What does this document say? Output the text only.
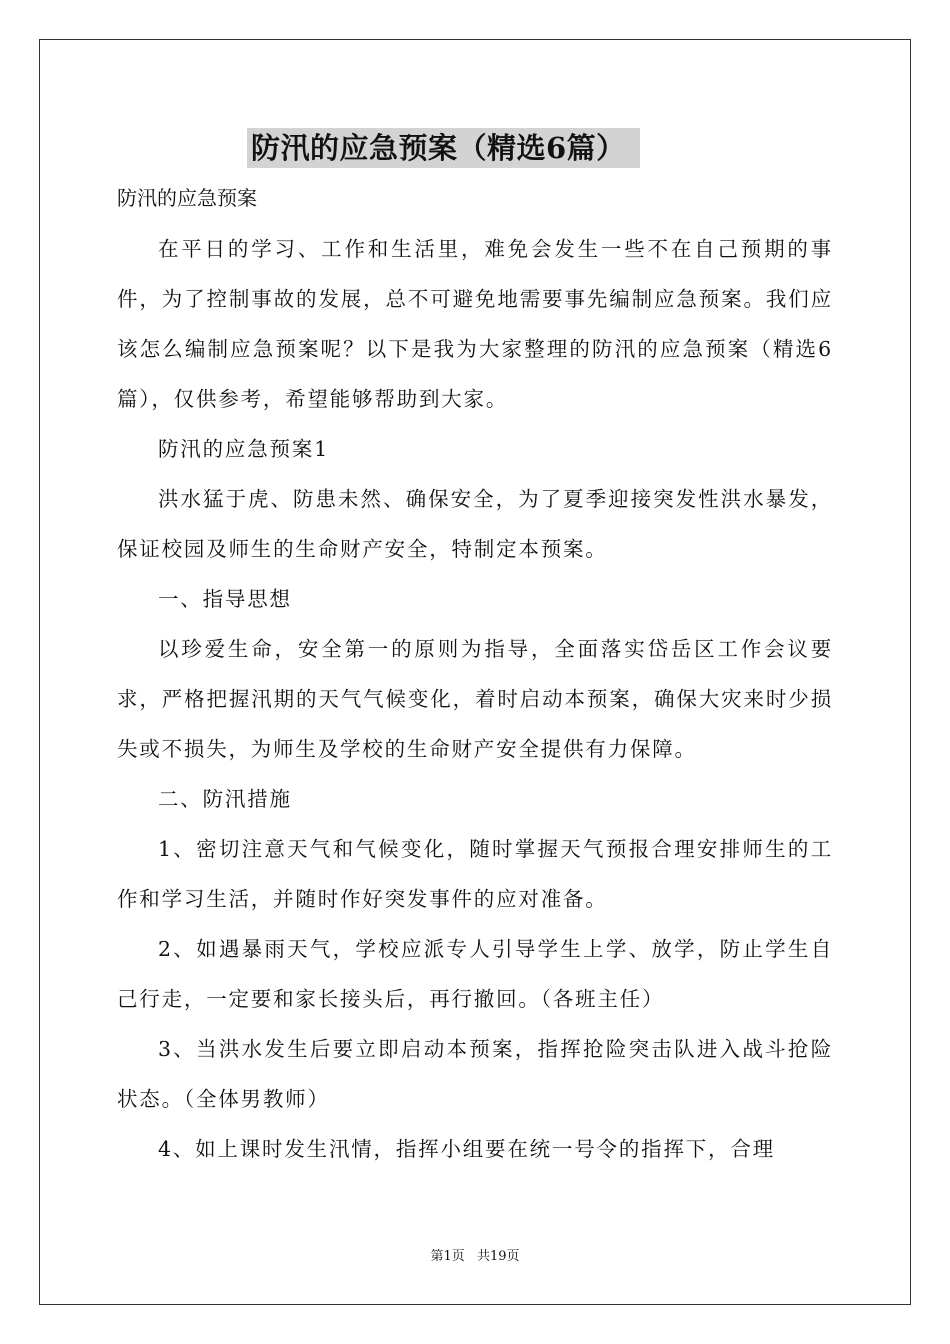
防汛的应急预案（精选6篇）
防汛的应急预案

在平日的学习、工作和生活里，难免会发生一些不在自己预期的事件，为了控制事故的发展，总不可避免地需要事先编制应急预案。我们应该怎么编制应急预案呢？以下是我为大家整理的防汛的应急预案（精选6篇），仅供参考，希望能够帮助到大家。

防汛的应急预案1

洪水猛于虎、防患未然、确保安全，为了夏季迎接突发性洪水暴发，保证校园及师生的生命财产安全，特制定本预案。

一、指导思想

以珍爱生命，安全第一的原则为指导，全面落实岱岳区工作会议要求，严格把握汛期的天气气候变化，着时启动本预案，确保大灾来时少损失或不损失，为师生及学校的生命财产安全提供有力保障。

二、防汛措施

1、密切注意天气和气候变化，随时掌握天气预报合理安排师生的工作和学习生活，并随时作好突发事件的应对准备。

2、如遇暴雨天气，学校应派专人引导学生上学、放学，防止学生自己行走，一定要和家长接头后，再行撤回。（各班主任）

3、当洪水发生后要立即启动本预案，指挥抢险突击队进入战斗抢险状态。（全体男教师）

4、如上课时发生汛情，指挥小组要在统一号令的指挥下，合理

第1页 共19页
